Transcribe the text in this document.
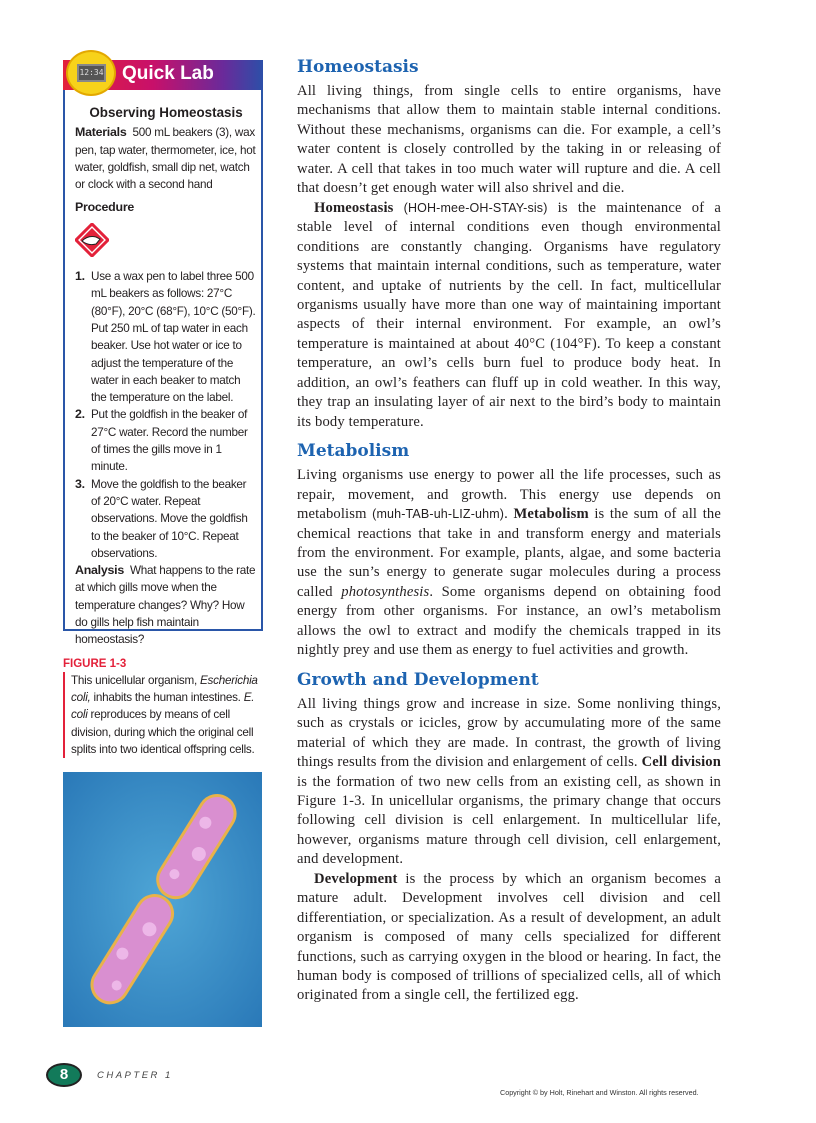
12:34 Quick Lab
Observing Homeostasis
Materials 500 mL beakers (3), wax pen, tap water, thermometer, ice, hot water, goldfish, small dip net, watch or clock with a second hand
Procedure
1. Use a wax pen to label three 500 mL beakers as follows: 27°C (80°F), 20°C (68°F), 10°C (50°F). Put 250 mL of tap water in each beaker. Use hot water or ice to adjust the temperature of the water in each beaker to match the temperature on the label.
2. Put the goldfish in the beaker of 27°C water. Record the number of times the gills move in 1 minute.
3. Move the goldfish to the beaker of 20°C water. Repeat observations. Move the goldfish to the beaker of 10°C. Repeat observations.
Analysis What happens to the rate at which gills move when the temperature changes? Why? How do gills help fish maintain homeostasis?
FIGURE 1-3
This unicellular organism, Escherichia coli, inhabits the human intestines. E. coli reproduces by means of cell division, during which the original cell splits into two identical offspring cells.
Homeostasis

All living things, from single cells to entire organisms, have mechanisms that allow them to maintain stable internal conditions. Without these mechanisms, organisms can die. For example, a cell’s water content is closely controlled by the taking in or releasing of water. A cell that takes in too much water will rupture and die. A cell that doesn’t get enough water will also shrivel and die.

Homeostasis (HOH-mee-OH-STAY-sis) is the maintenance of a stable level of internal conditions even though environmental conditions are constantly changing. Organisms have regulatory systems that maintain internal conditions, such as temperature, water content, and uptake of nutrients by the cell. In fact, multicellular organisms usually have more than one way of maintaining important aspects of their internal environment. For example, an owl’s temperature is maintained at about 40°C (104°F). To keep a constant temperature, an owl’s cells burn fuel to produce body heat. In addition, an owl’s feathers can fluff up in cold weather. In this way, they trap an insulating layer of air next to the bird’s body to maintain its body temperature.

Metabolism

Living organisms use energy to power all the life processes, such as repair, movement, and growth. This energy use depends on metabolism (muh-TAB-uh-LIZ-uhm). Metabolism is the sum of all the chemical reactions that take in and transform energy and materials from the environment. For example, plants, algae, and some bacteria use the sun’s energy to generate sugar molecules during a process called photosynthesis. Some organisms depend on obtaining food energy from other organisms. For instance, an owl’s metabolism allows the owl to extract and modify the chemicals trapped in its nightly prey and use them as energy to fuel activities and growth.

Growth and Development

All living things grow and increase in size. Some nonliving things, such as crystals or icicles, grow by accumulating more of the same material of which they are made. In contrast, the growth of living things results from the division and enlargement of cells. Cell division is the formation of two new cells from an existing cell, as shown in Figure 1-3. In unicellular organisms, the primary change that occurs following cell division is cell enlargement. In multicellular life, however, organisms mature through cell division, cell enlargement, and development.

Development is the process by which an organism becomes a mature adult. Development involves cell division and cell differentiation, or specialization. As a result of development, an adult organism is composed of many cells specialized for different functions, such as carrying oxygen in the blood or hearing. In fact, the human body is composed of trillions of specialized cells, all of which originated from a single cell, the fertilized egg.

8	CHAPTER 1
Copyright © by Holt, Rinehart and Winston. All rights reserved.
